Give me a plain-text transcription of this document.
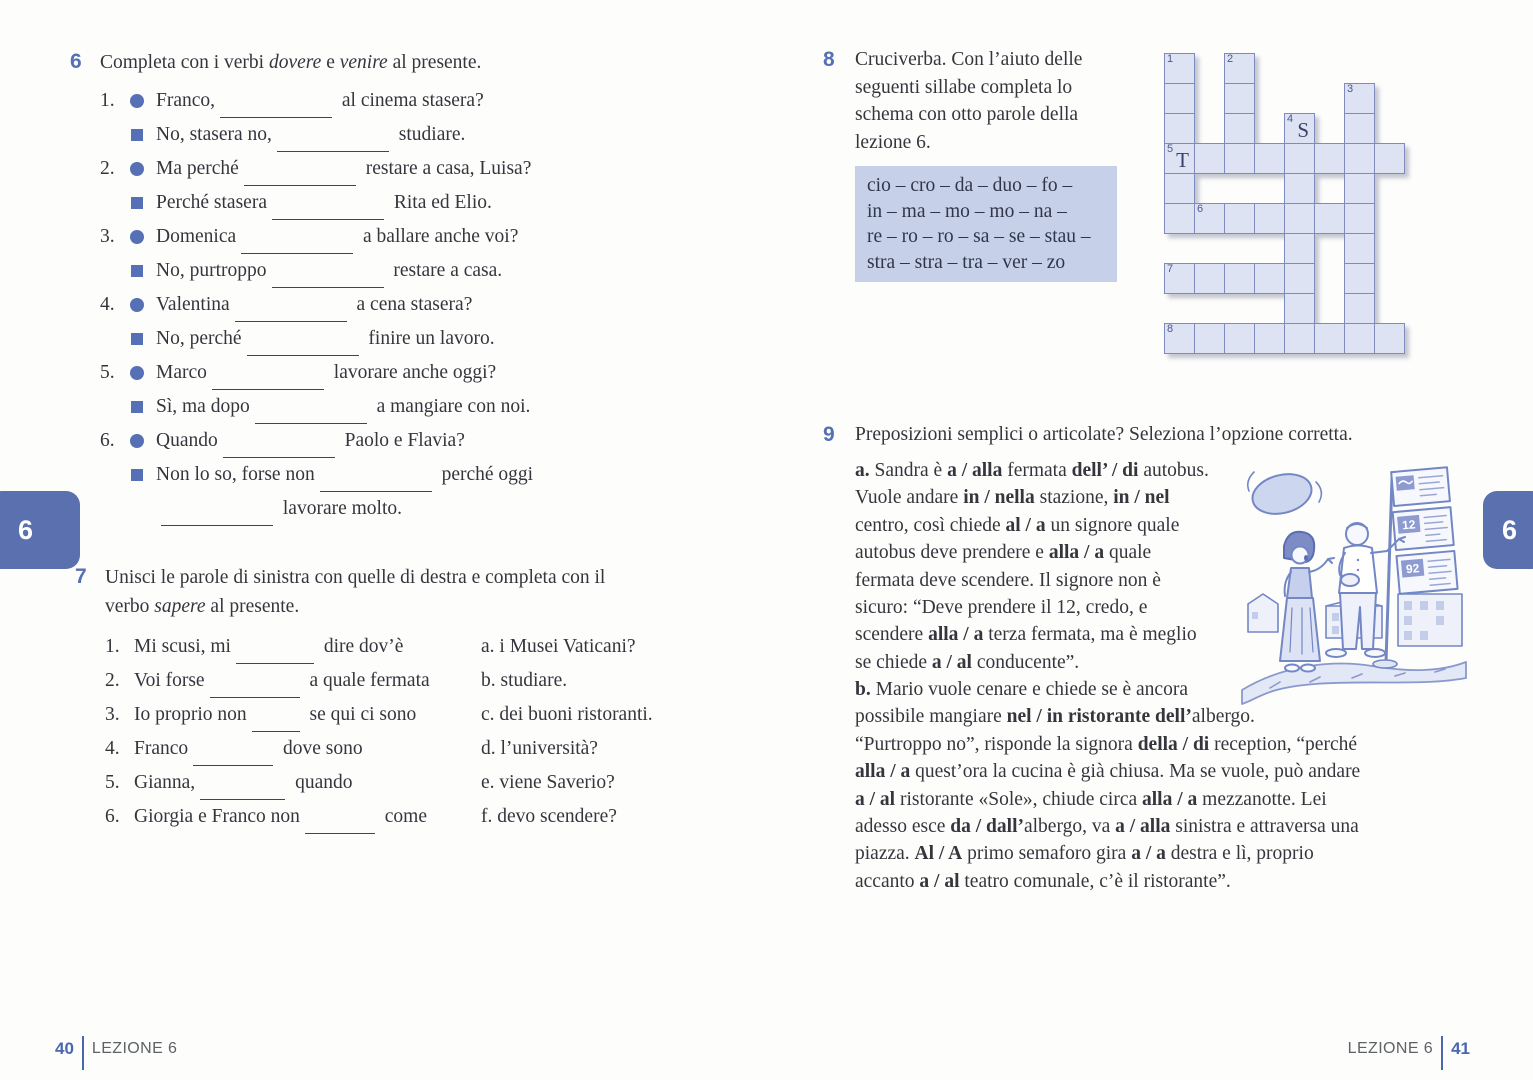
6 Completa con i verbi dovere e venire al presente.
1.	Franco,	al cinema stasera?
No, stasera no,	studiare.
2.	Ma perché	restare a casa, Luisa?
Perché stasera	Rita ed Elio.
3.	Domenica	a ballare anche voi?
No, purtroppo	restare a casa.
4.	Valentina	a cena stasera?
No, perché	finire un lavoro.
5.	Marco	lavorare anche oggi?
Sì, ma dopo	a mangiare con noi.
6.	Quando	Paolo e Flavia?
Non lo so, forse non	perché oggi
lavorare molto.
7 Unisci le parole di sinistra con quelle di destra e completa con il
verbo sapere al presente.
1. Mi scusi, mi	dire dov’è	a. i Musei Vaticani?
2. Voi forse	a quale fermata	b. studiare.
3. Io proprio non	se qui ci sono	c. dei buoni ristoranti.
4. Franco	dove sono	d. l’università?
5. Gianna,	quando	e. viene Saverio?
6. Giorgia e Franco non	come	f. devo scendere?
8 Cruciverba. Con l’aiuto delle
seguenti sillabe completa lo
schema con otto parole della
lezione 6.
cio – cro – da – duo – fo –
in – ma – mo – mo – na –
re – ro – ro – sa – se – stau –
stra – stra – tra – ver – zo
1	2
3
4 S
5 T
6
7
8
9 Preposizioni semplici o articolate? Seleziona l’opzione corretta.
a. Sandra è a / alla fermata dell’ / di autobus.
Vuole andare in / nella stazione, in / nel
centro, così chiede al / a un signore quale
autobus deve prendere e alla / a quale
fermata deve scendere. Il signore non è
sicuro: “Deve prendere il 12, credo, e
scendere alla / a terza fermata, ma è meglio
se chiede a / al conducente”.
b. Mario vuole cenare e chiede se è ancora
possibile mangiare nel / in ristorante dell’albergo.
“Purtroppo no”, risponde la signora della / di reception, “perché
alla / a quest’ora la cucina è già chiusa. Ma se vuole, può andare
a / al ristorante «Sole», chiude circa alla / a mezzanotte. Lei
adesso esce da / dall’albergo, va a / alla sinistra e attraversa una
piazza. Al / A primo semaforo gira a / a destra e lì, proprio
accanto a / al teatro comunale, c’è il ristorante”.
12
92
6	6
40 LEZIONE 6	LEZIONE 6 41
